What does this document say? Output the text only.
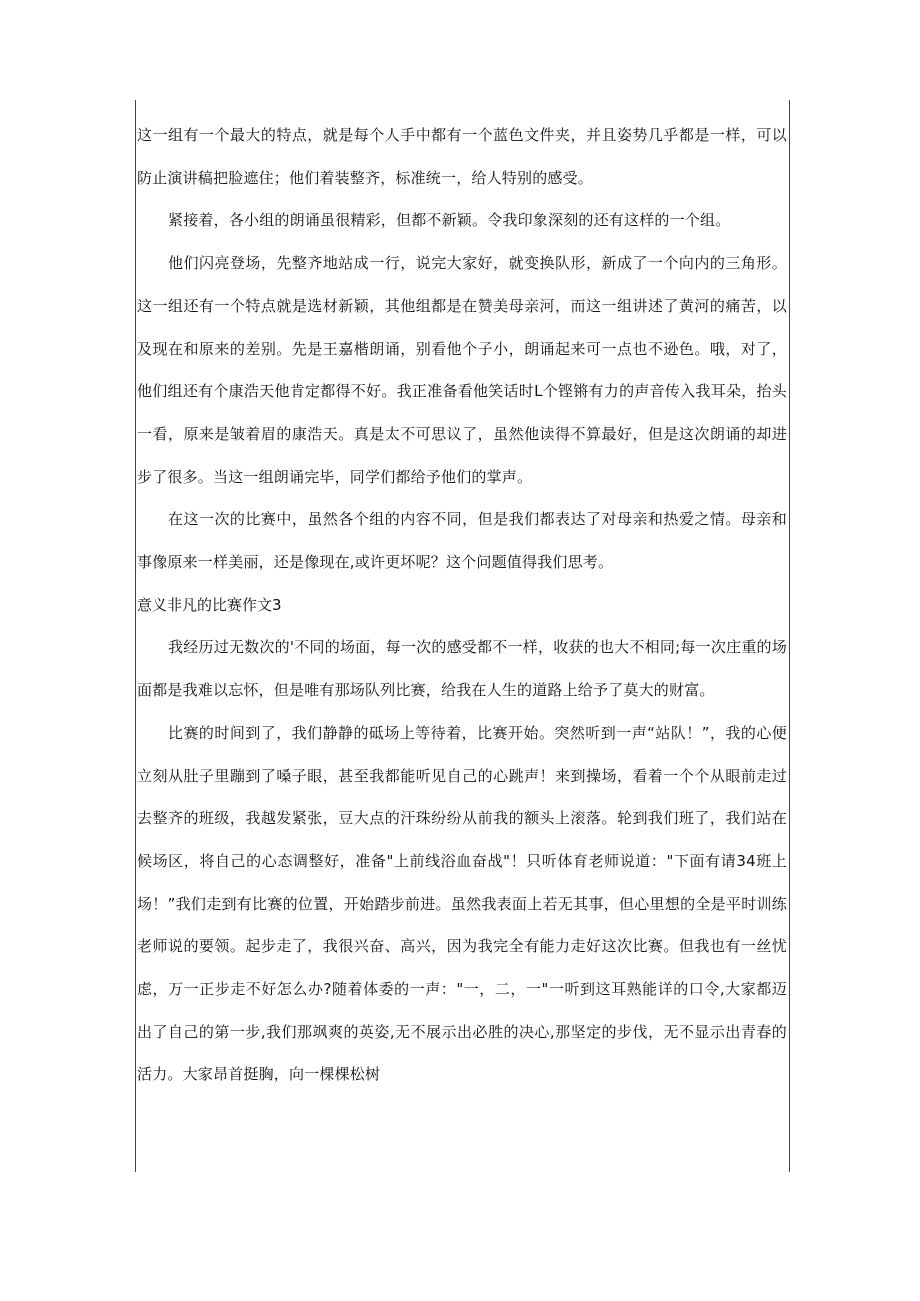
这一组有一个最大的特点，就是每个人手中都有一个蓝色文件夹，并且姿势几乎都是一样，可以防止演讲稿把脸遮住；他们着装整齐，标准统一，给人特别的感受。

紧接着，各小组的朗诵虽很精彩，但都不新颖。令我印象深刻的还有这样的一个组。

他们闪亮登场，先整齐地站成一行，说完大家好，就变换队形，新成了一个向内的三角形。这一组还有一个特点就是选材新颖，其他组都是在赞美母亲河，而这一组讲述了黄河的痛苦，以及现在和原来的差别。先是王嘉楷朗诵，别看他个子小，朗诵起来可一点也不逊色。哦，对了，他们组还有个康浩天他肯定都得不好。我正准备看他笑话时L个铿锵有力的声音传入我耳朵，抬头一看，原来是皱着眉的康浩天。真是太不可思议了，虽然他读得不算最好，但是这次朗诵的却进步了很多。当这一组朗诵完毕，同学们都给予他们的掌声。

在这一次的比赛中，虽然各个组的内容不同，但是我们都表达了对母亲和热爱之情。母亲和事像原来一样美丽，还是像现在,或许更坏呢？这个问题值得我们思考。

意义非凡的比赛作文3

我经历过无数次的'不同的场面，每一次的感受都不一样，收获的也大不相同;每一次庄重的场面都是我难以忘怀，但是唯有那场队列比赛，给我在人生的道路上给予了莫大的财富。

比赛的时间到了，我们静静的砥场上等待着，比赛开始。突然听到一声“站队！”，我的心便立刻从肚子里蹦到了嗓子眼，甚至我都能听见自己的心跳声！来到操场，看着一个个从眼前走过去整齐的班级，我越发紧张，豆大点的汗珠纷纷从前我的额头上滚落。轮到我们班了，我们站在候场区，将自己的心态调整好，准备"上前线浴血奋战"！只听体育老师说道："下面有请34班上场！”我们走到有比赛的位置，开始踏步前进。虽然我表面上若无其事，但心里想的全是平时训练老师说的要领。起步走了，我很兴奋、高兴，因为我完全有能力走好这次比赛。但我也有一丝忧虑，万一正步走不好怎么办?随着体委的一声："一，二，一"一听到这耳熟能详的口令,大家都迈出了自己的第一步,我们那飒爽的英姿,无不展示出必胜的决心,那坚定的步伐，无不显示出青春的活力。大家昂首挺胸，向一棵棵松树
